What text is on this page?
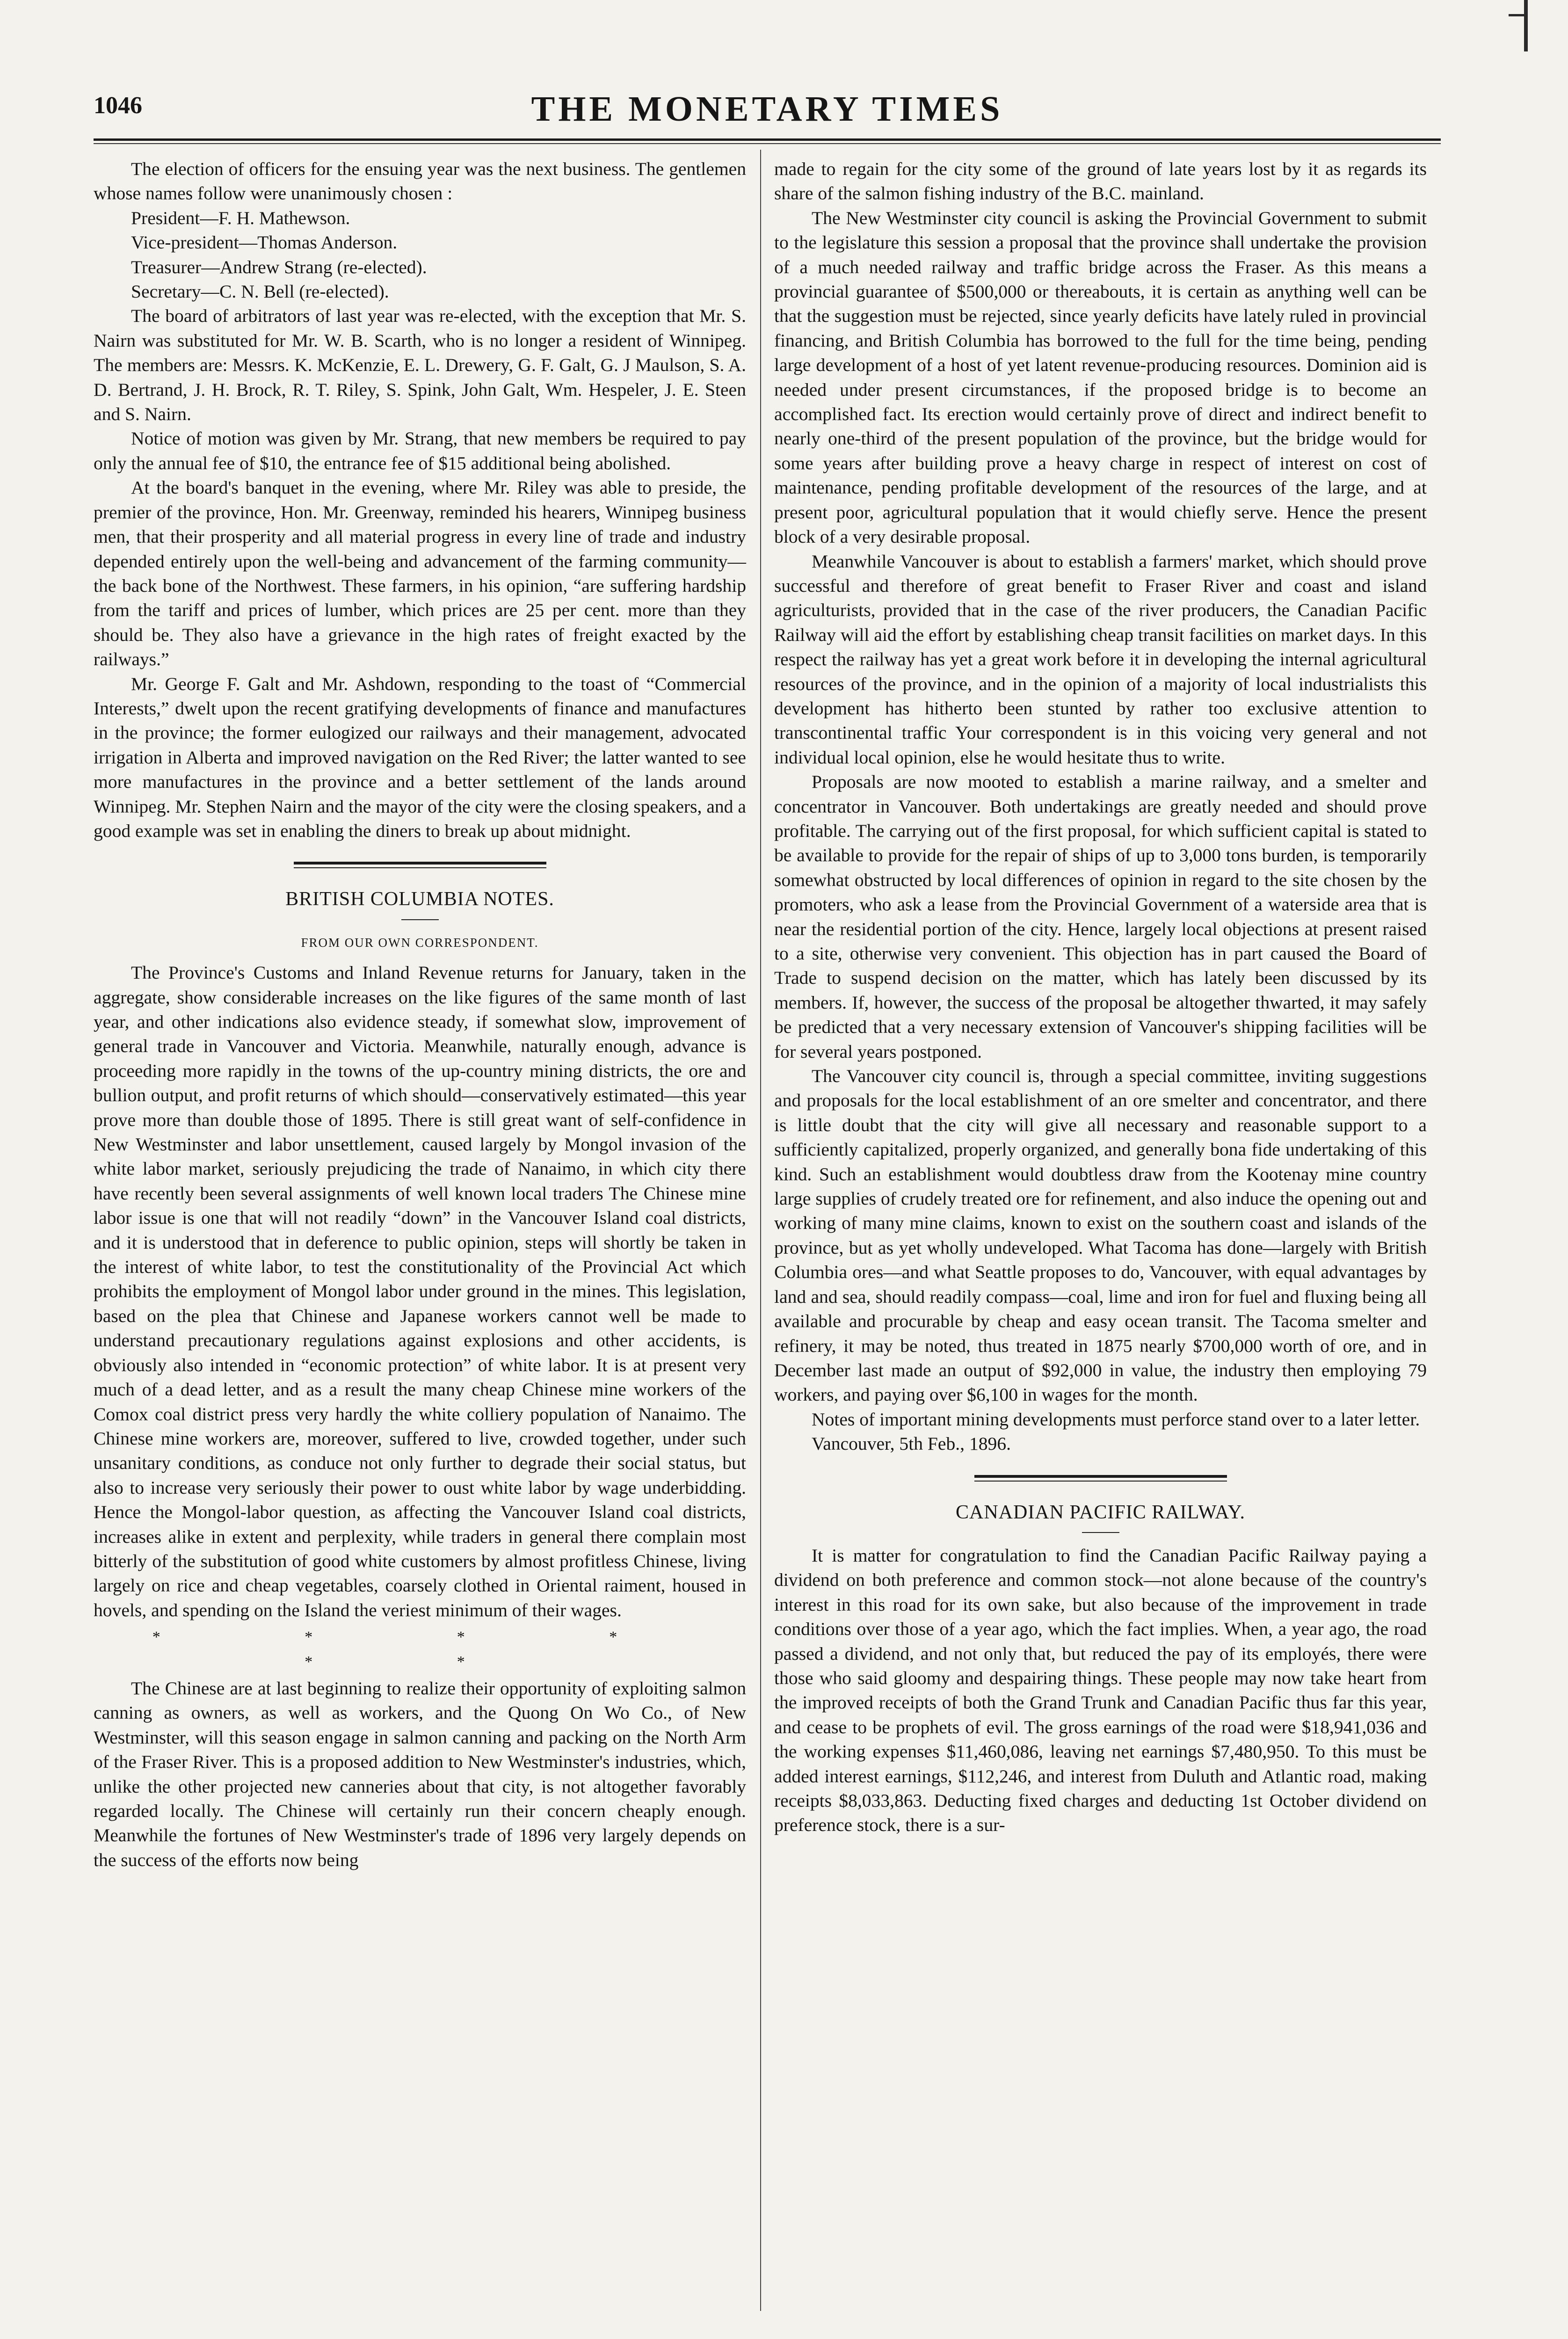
1046	THE MONETARY TIMES

The election of officers for the ensuing year was the next business. The gentlemen whose names follow were unanimously chosen :

President—F. H. Mathewson.

Vice-president—Thomas Anderson.

Treasurer—Andrew Strang (re-elected).

Secretary—C. N. Bell (re-elected).

The board of arbitrators of last year was re-elected, with the exception that Mr. S. Nairn was substituted for Mr. W. B. Scarth, who is no longer a resident of Winnipeg. The members are: Messrs. K. McKenzie, E. L. Drewery, G. F. Galt, G. J Maulson, S. A. D. Bertrand, J. H. Brock, R. T. Riley, S. Spink, John Galt, Wm. Hespeler, J. E. Steen and S. Nairn.

Notice of motion was given by Mr. Strang, that new members be required to pay only the annual fee of $10, the entrance fee of $15 additional being abolished.

At the board's banquet in the evening, where Mr. Riley was able to preside, the premier of the province, Hon. Mr. Greenway, reminded his hearers, Winnipeg business men, that their prosperity and all material progress in every line of trade and industry depended entirely upon the well-being and advancement of the farming community—the back bone of the Northwest. These farmers, in his opinion, “are suffering hardship from the tariff and prices of lumber, which prices are 25 per cent. more than they should be. They also have a grievance in the high rates of freight exacted by the railways.”

Mr. George F. Galt and Mr. Ashdown, responding to the toast of “Commercial Interests,” dwelt upon the recent gratifying developments of finance and manufactures in the province; the former eulogized our railways and their management, advocated irrigation in Alberta and improved navigation on the Red River; the latter wanted to see more manufactures in the province and a better settlement of the lands around Winnipeg. Mr. Stephen Nairn and the mayor of the city were the closing speakers, and a good example was set in enabling the diners to break up about midnight.

BRITISH COLUMBIA NOTES.
FROM OUR OWN CORRESPONDENT.

The Province's Customs and Inland Revenue returns for January, taken in the aggregate, show considerable increases on the like figures of the same month of last year, and other indications also evidence steady, if somewhat slow, improvement of general trade in Vancouver and Victoria. Meanwhile, naturally enough, advance is proceeding more rapidly in the towns of the up-country mining districts, the ore and bullion output, and profit returns of which should—conservatively estimated—this year prove more than double those of 1895. There is still great want of self-confidence in New Westminster and labor unsettlement, caused largely by Mongol invasion of the white labor market, seriously prejudicing the trade of Nanaimo, in which city there have recently been several assignments of well known local traders The Chinese mine labor issue is one that will not readily “down” in the Vancouver Island coal districts, and it is understood that in deference to public opinion, steps will shortly be taken in the interest of white labor, to test the constitutionality of the Provincial Act which prohibits the employment of Mongol labor under ground in the mines. This legislation, based on the plea that Chinese and Japanese workers cannot well be made to understand precautionary regulations against explosions and other accidents, is obviously also intended in “economic protection” of white labor. It is at present very much of a dead letter, and as a result the many cheap Chinese mine workers of the Comox coal district press very hardly the white colliery population of Nanaimo. The Chinese mine workers are, moreover, suffered to live, crowded together, under such unsanitary conditions, as conduce not only further to degrade their social status, but also to increase very seriously their power to oust white labor by wage underbidding. Hence the Mongol-labor question, as affecting the Vancouver Island coal districts, increases alike in extent and perplexity, while traders in general there complain most bitterly of the substitution of good white customers by almost profitless Chinese, living largely on rice and cheap vegetables, coarsely clothed in Oriental raiment, housed in hovels, and spending on the Island the veriest minimum of their wages.

* * * * * *

The Chinese are at last beginning to realize their opportunity of exploiting salmon canning as owners, as well as workers, and the Quong On Wo Co., of New Westminster, will this season engage in salmon canning and packing on the North Arm of the Fraser River. This is a proposed addition to New Westminster's industries, which, unlike the other projected new canneries about that city, is not altogether favorably regarded locally. The Chinese will certainly run their concern cheaply enough. Meanwhile the fortunes of New Westminster's trade of 1896 very largely depends on the success of the efforts now being

made to regain for the city some of the ground of late years lost by it as regards its share of the salmon fishing industry of the B.C. mainland.

The New Westminster city council is asking the Provincial Government to submit to the legislature this session a proposal that the province shall undertake the provision of a much needed railway and traffic bridge across the Fraser. As this means a provincial guarantee of $500,000 or thereabouts, it is certain as anything well can be that the suggestion must be rejected, since yearly deficits have lately ruled in provincial financing, and British Columbia has borrowed to the full for the time being, pending large development of a host of yet latent revenue-producing resources. Dominion aid is needed under present circumstances, if the proposed bridge is to become an accomplished fact. Its erection would certainly prove of direct and indirect benefit to nearly one-third of the present population of the province, but the bridge would for some years after building prove a heavy charge in respect of interest on cost of maintenance, pending profitable development of the resources of the large, and at present poor, agricultural population that it would chiefly serve. Hence the present block of a very desirable proposal.

Meanwhile Vancouver is about to establish a farmers' market, which should prove successful and therefore of great benefit to Fraser River and coast and island agriculturists, provided that in the case of the river producers, the Canadian Pacific Railway will aid the effort by establishing cheap transit facilities on market days. In this respect the railway has yet a great work before it in developing the internal agricultural resources of the province, and in the opinion of a majority of local industrialists this development has hitherto been stunted by rather too exclusive attention to transcontinental traffic Your correspondent is in this voicing very general and not individual local opinion, else he would hesitate thus to write.

Proposals are now mooted to establish a marine railway, and a smelter and concentrator in Vancouver. Both undertakings are greatly needed and should prove profitable. The carrying out of the first proposal, for which sufficient capital is stated to be available to provide for the repair of ships of up to 3,000 tons burden, is temporarily somewhat obstructed by local differences of opinion in regard to the site chosen by the promoters, who ask a lease from the Provincial Government of a waterside area that is near the residential portion of the city. Hence, largely local objections at present raised to a site, otherwise very convenient. This objection has in part caused the Board of Trade to suspend decision on the matter, which has lately been discussed by its members. If, however, the success of the proposal be altogether thwarted, it may safely be predicted that a very necessary extension of Vancouver's shipping facilities will be for several years postponed.

The Vancouver city council is, through a special committee, inviting suggestions and proposals for the local establishment of an ore smelter and concentrator, and there is little doubt that the city will give all necessary and reasonable support to a sufficiently capitalized, properly organized, and generally bona fide undertaking of this kind. Such an establishment would doubtless draw from the Kootenay mine country large supplies of crudely treated ore for refinement, and also induce the opening out and working of many mine claims, known to exist on the southern coast and islands of the province, but as yet wholly undeveloped. What Tacoma has done—largely with British Columbia ores—and what Seattle proposes to do, Vancouver, with equal advantages by land and sea, should readily compass—coal, lime and iron for fuel and fluxing being all available and procurable by cheap and easy ocean transit. The Tacoma smelter and refinery, it may be noted, thus treated in 1875 nearly $700,000 worth of ore, and in December last made an output of $92,000 in value, the industry then employing 79 workers, and paying over $6,100 in wages for the month.

Notes of important mining developments must perforce stand over to a later letter.

Vancouver, 5th Feb., 1896.

CANADIAN PACIFIC RAILWAY.

It is matter for congratulation to find the Canadian Pacific Railway paying a dividend on both preference and common stock—not alone because of the country's interest in this road for its own sake, but also because of the improvement in trade conditions over those of a year ago, which the fact implies. When, a year ago, the road passed a dividend, and not only that, but reduced the pay of its employés, there were those who said gloomy and despairing things. These people may now take heart from the improved receipts of both the Grand Trunk and Canadian Pacific thus far this year, and cease to be prophets of evil. The gross earnings of the road were $18,941,036 and the working expenses $11,460,086, leaving net earnings $7,480,950. To this must be added interest earnings, $112,246, and interest from Duluth and Atlantic road, making receipts $8,033,863. Deducting fixed charges and deducting 1st October dividend on preference stock, there is a sur-
